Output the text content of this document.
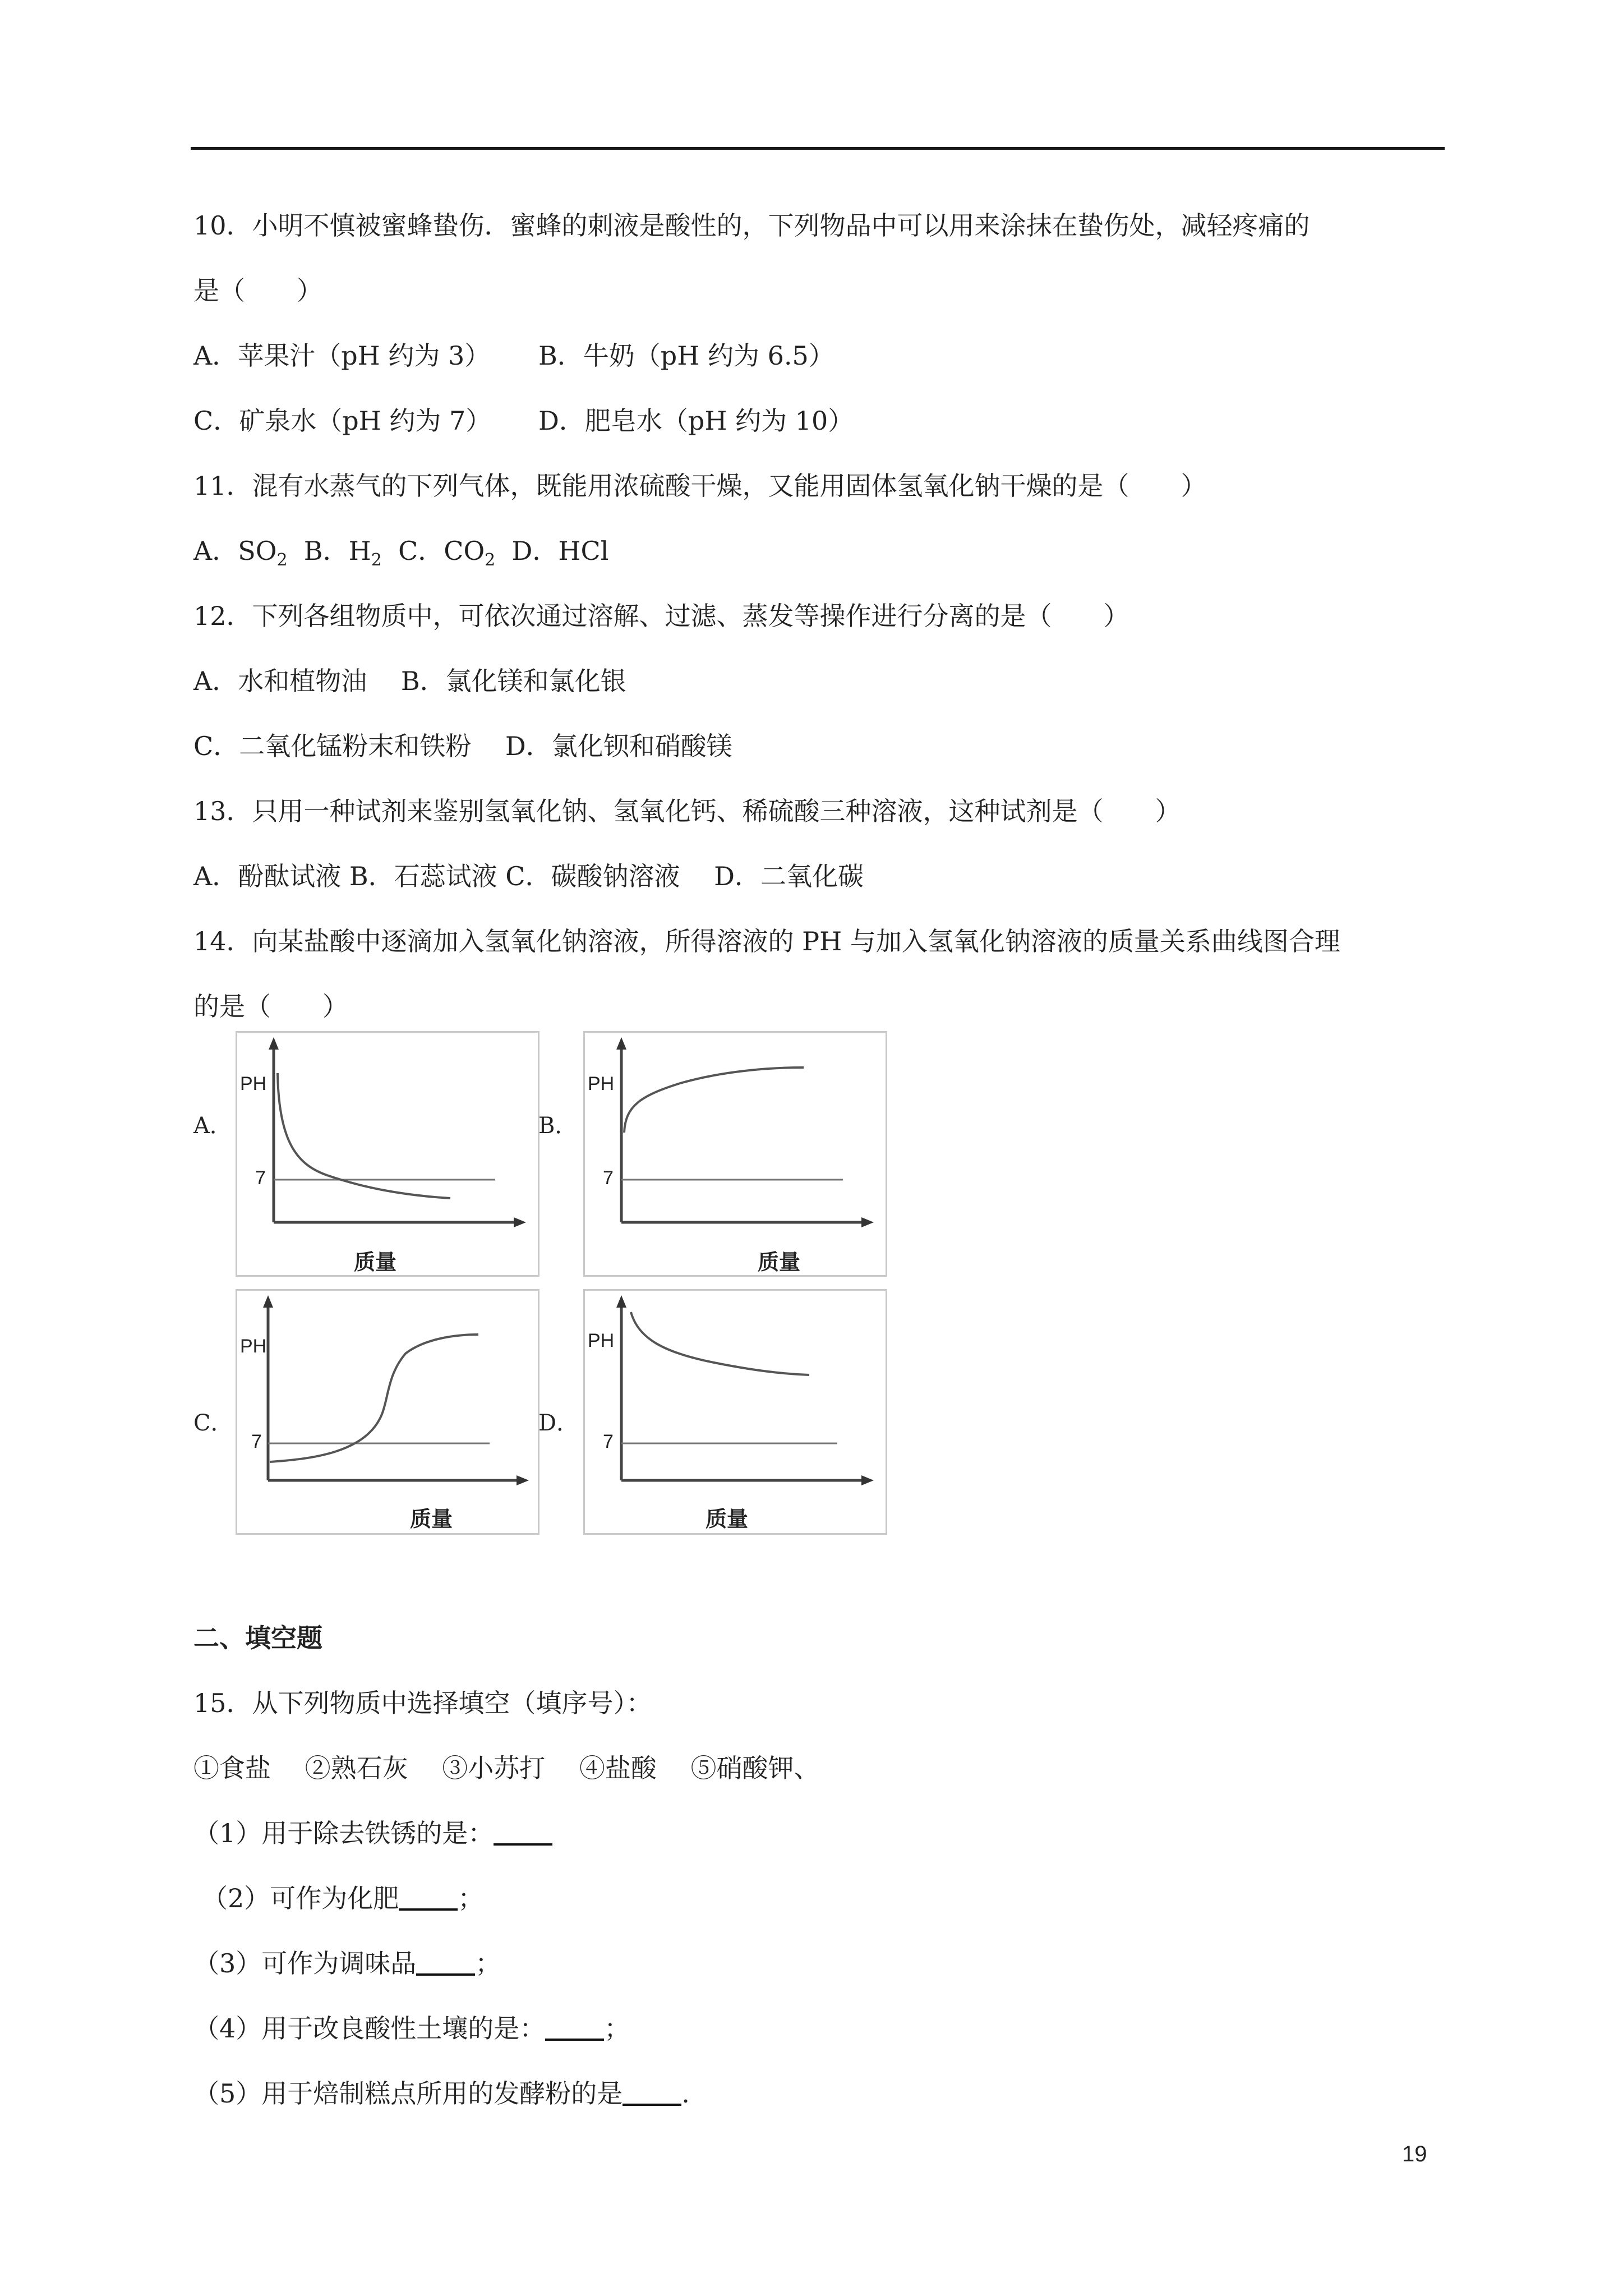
10．小明不慎被蜜蜂蛰伤．蜜蜂的刺液是酸性的，下列物品中可以用来涂抹在蛰伤处，减轻疼痛的
是（　　）
A．苹果汁（pH 约为 3） B．牛奶（pH 约为 6.5）
C．矿泉水（pH 约为 7） D．肥皂水（pH 约为 10）
11．混有水蒸气的下列气体，既能用浓硫酸干燥，又能用固体氢氧化钠干燥的是（　　）
A．$SO_2$ B．$H_2$ C．$CO_2$ D．HCl
12．下列各组物质中，可依次通过溶解、过滤、蒸发等操作进行分离的是（　　）
A．水和植物油　 B．氯化镁和氯化银
C．二氧化锰粉末和铁粉　 D．氯化钡和硝酸镁
13．只用一种试剂来鉴别氢氧化钠、氢氧化钙、稀硫酸三种溶液，这种试剂是（　　）
A．酚酞试液 B．石蕊试液 C．碳酸钠溶液　 D．二氧化碳
14．向某盐酸中逐滴加入氢氧化钠溶液，所得溶液的 PH 与加入氢氧化钠溶液的质量关系曲线图合理
的是（　　）
A．
PH
7
质量
B．
PH
7
质量
C．
PH
7
质量
D．
PH
7
质量
二、填空题
15．从下列物质中选择填空（填序号）：
①食盐　 ②熟石灰　 ③小苏打　 ④盐酸　 ⑤硝酸钾、
（1）用于除去铁锈的是：
（2）可作为化肥 ；
（3）可作为调味品 ；
（4）用于改良酸性土壤的是： ；
（5）用于焙制糕点所用的发酵粉的是 .
19
